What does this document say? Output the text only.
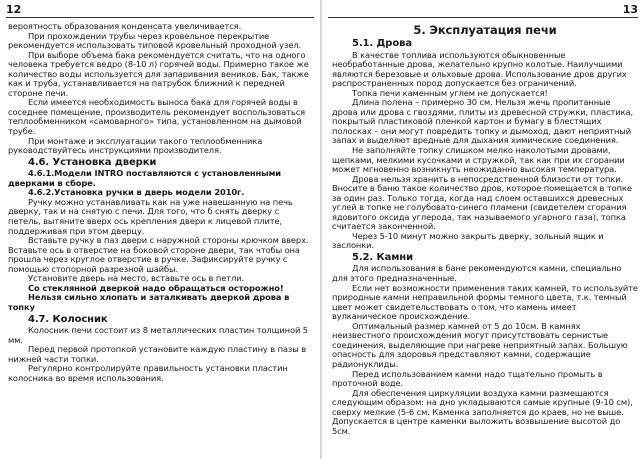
12

вероятность образования конденсата увеличивается.

При прохождении трубы через кровельное перекрытие рекомендуется использовать типовой кровельный проходной узел.

При выборе объема бака рекомендуется считать, что на одного человека требуется ведро (8-10 л) горячей воды. Примерно такое же количество воды используется для запаривания веников. Бак, также как и труба, устанавливается на патрубок ближний к передней стороне печи.

Если имеется необходимость выноса бака для горячей воды в соседнее помещение, производитель рекомендует воспользоваться теплообменником «самоварного» типа, установленном на дымовой трубе.

При монтаже и эксплуатации такого теплообменника руководствуйтесь инструкциями производителя.

4.6. Установка дверки

4.6.1.Модели INTRO поставляются с установленными дверками в сборе.

4.6.2.Установка ручки в дверь модели 2010г.

Ручку можно устанавливать как на уже навешанную на печь дверку, так и на снятую с печи. Для того, что б снять дверку с петель, вытяните вверх ось крепления двери к лицевой плите, поддерживая при этом дверцу.

Вставьте ручку в паз двери с наружной стороны крючком вверх. Вставьте ось в отверстие на боковой стороне двери, так чтобы она прошла через круглое отверстие в ручке. Зафиксируйте ручку с помощью стопорной разрезной шайбы.

Установите дверь на место, вставьте ось в петли.

Со стеклянной дверкой надо обращаться осторожно!

Нельзя сильно хлопать и заталкивать дверкой дрова в топку

4.7. Колосник

Колосник печи состоит из 8 металлических пластин толщиной 5 мм.

Перед первой протопкой установите каждую пластину в пазы в нижней части топки.

Регулярно контролируйте правильность установки пластин колосника во время использования.

13
5. Эксплуатация печи
5.1. Дрова

В качестве топлива используются обыкновенные необработанные дрова, желательно крупно колотые. Наилучшими являются березовые и ольховые дрова. Использование дров других распространенных пород допускается без ограничений.

Топка печи каменным углем не допускается!

Длина полена – примерно 30 см. Нельзя жечь пропитанные дрова или дрова с гвоздями, плиты из древесной стружки, пластика, покрытый пластиковой пленкой картон и бумагу в блестящих полосках – они могут повредить топку и дымоход, дают неприятный запах и выделяют вредные для дыхания химические соединения.

Не заполняйте топку слишком мелко наколотыми дровами, щепками, мелкими кусочками и стружкой, так как при их сгорании может мгновенно возникнуть неожиданно высокая температура.

Дрова нельзя хранить в непосредственной близости от топки. Вносите в баню такое количество дров, которое помещается в топке за один раз. Только тогда, когда над слоем оставшихся древесных углей в топке не голубовато-синего пламени (свидетелем сгорания ядовитого оксида углерода, так называемого угарного газа), топка считается законченной.

Через 5-10 минут можно закрыть дверку, зольный ящик и заслонки.

5.2. Камни

Для использования в бане рекомендуются камни, специально для этого предназначенные.

Если нет возможности применения таких камней, то используйте природные камни неправильной формы темного цвета, т.к. темный цвет может свидетельствовать о том, что камень имеет вулканическое происхождение.

Оптимальный размер камней от 5 до 10см. В камнях неизвестного происхождения могут присутствовать сернистые соединения, выделяющие при нагреве неприятный запах. Большую опасность для здоровья представляют камни, содержащие радионуклиды.

Перед использованием камни надо тщательно промыть в проточной воде.

Для обеспечения циркуляции воздуха камни размещаются следующим образом: на дно укладываются самые крупные (9-10 см), сверху мелкие (5-6 см. Каменка заполняется до краев, но не выше. Допускается в центре каменки выложить возвышение высотой до 5см.
